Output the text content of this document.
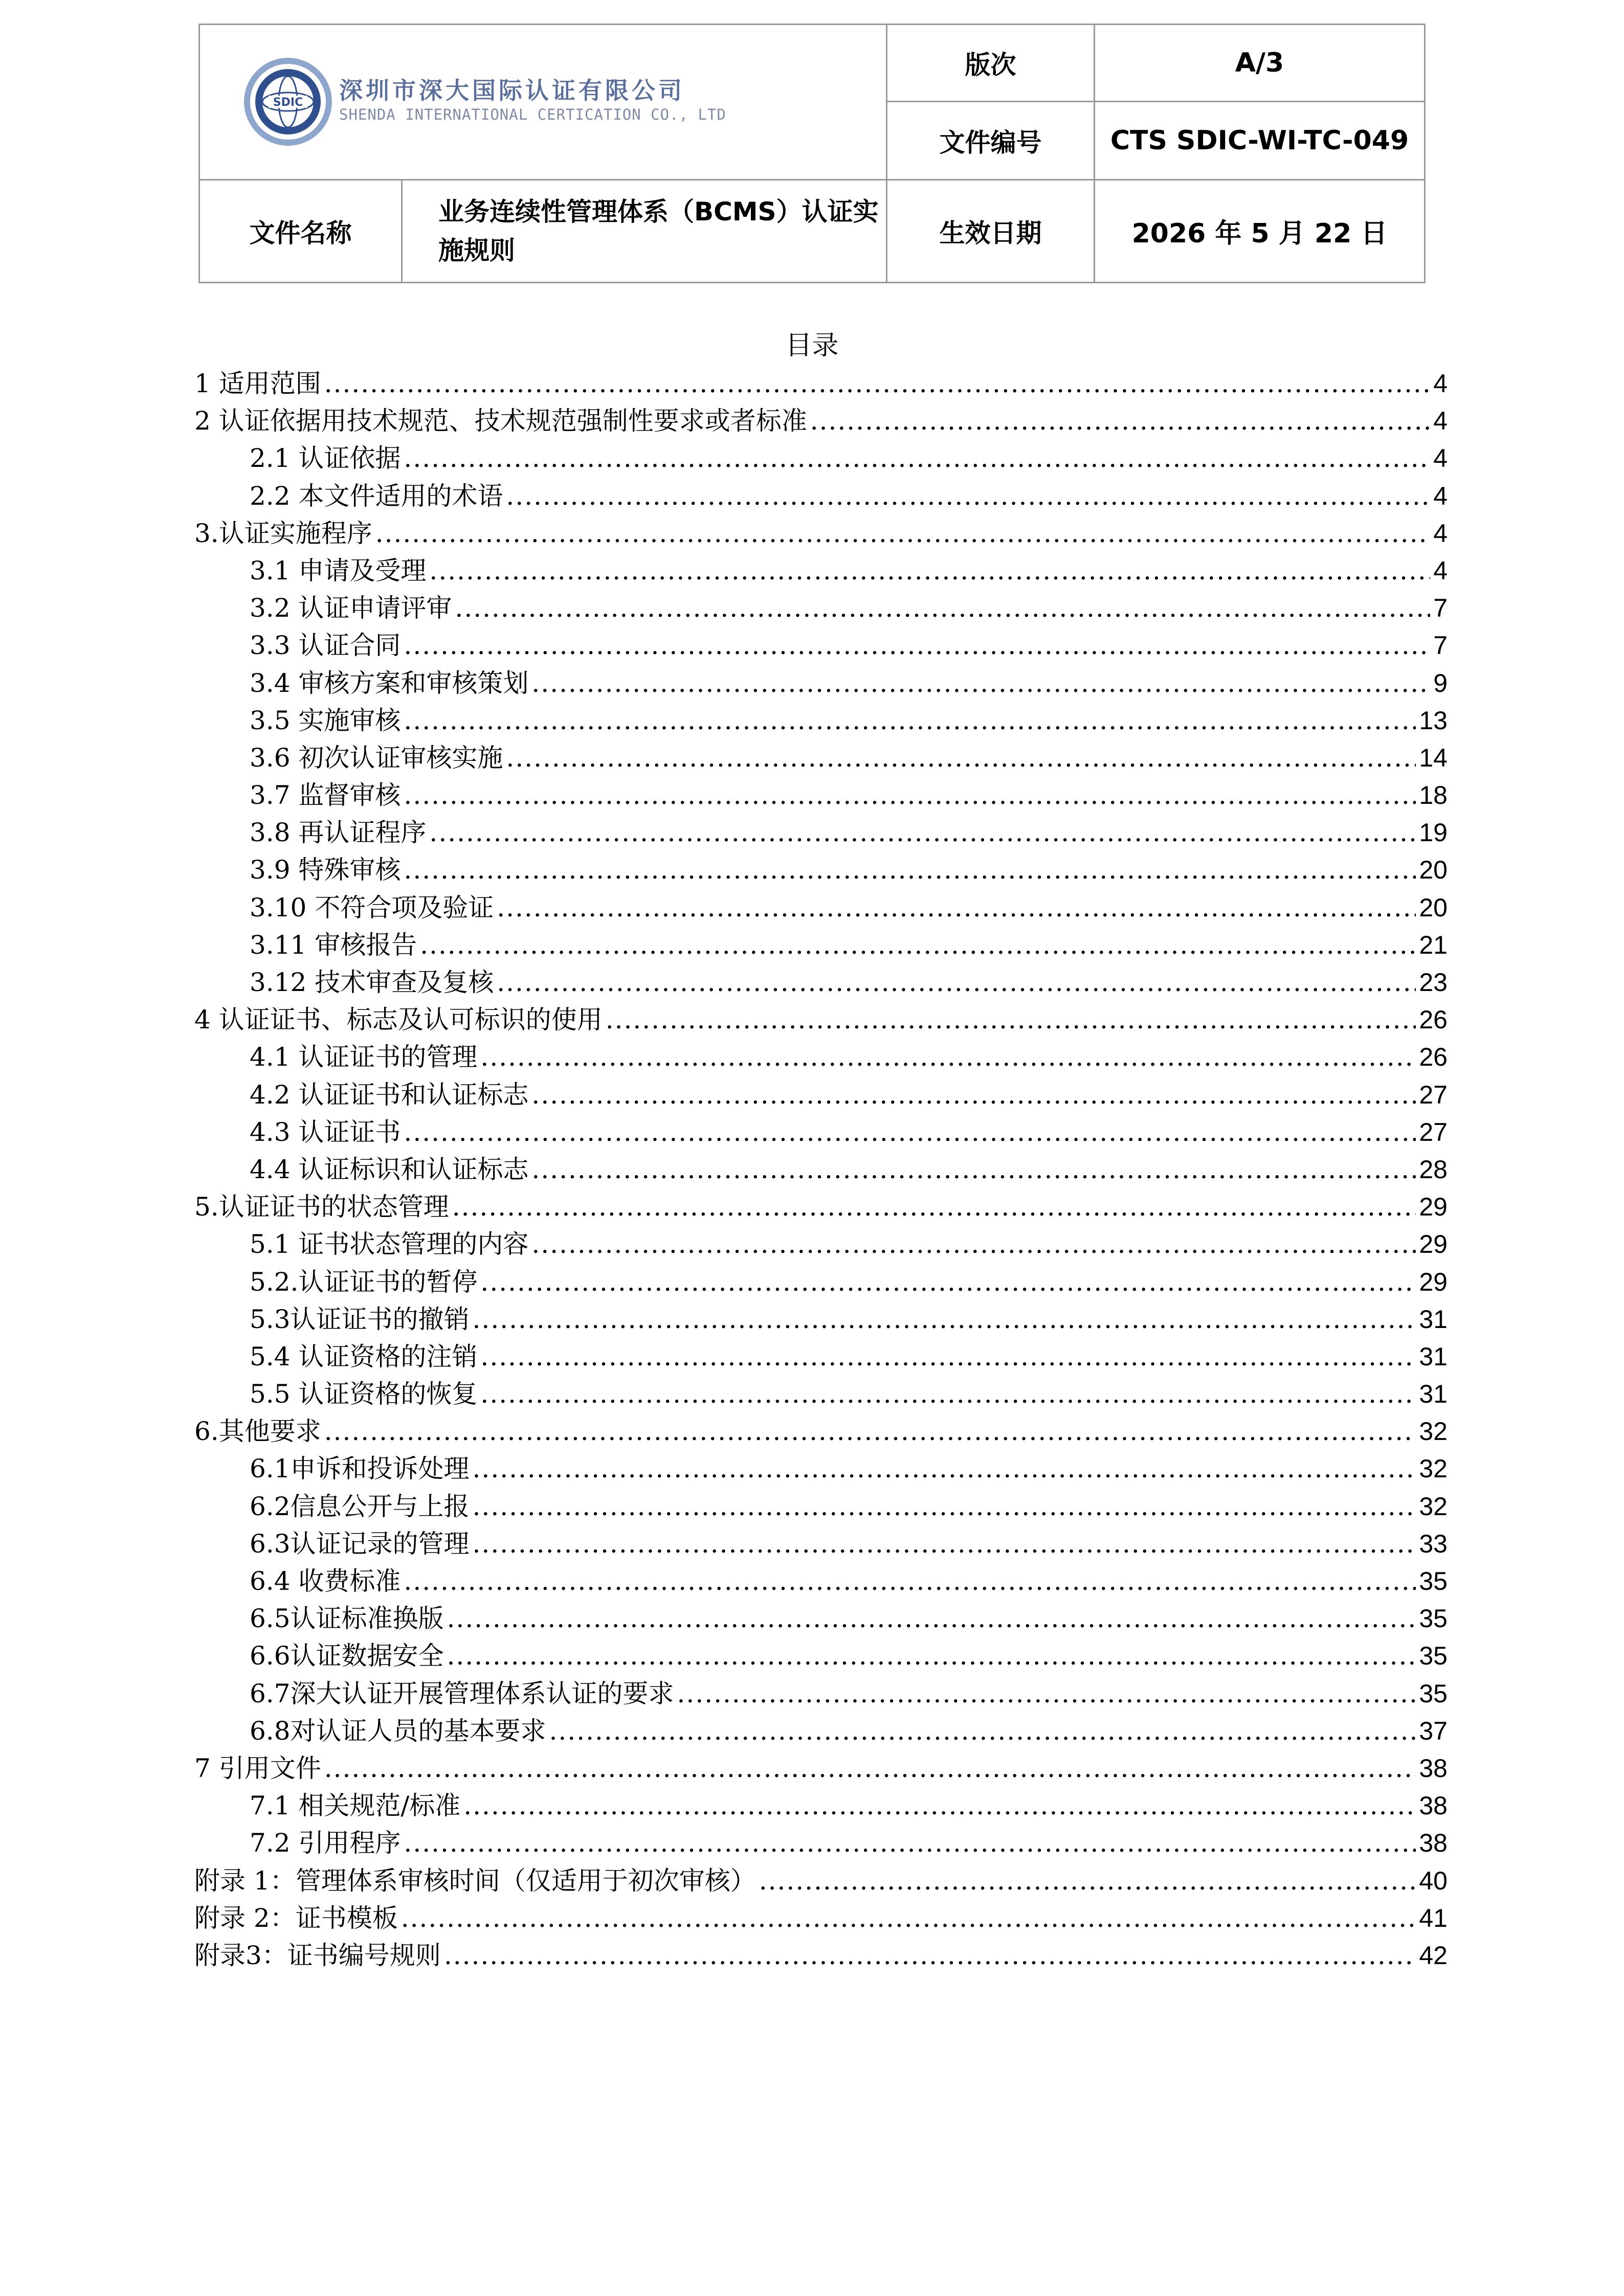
SDIC 深圳市深大国际认证有限公司
SHENDA INTERNATIONAL CERTICATION CO., LTD		版次	A/3
		文件编号	CTS SDIC-WI-TC-049
文件名称	业务连续性管理体系（BCMS）认证实施规则	生效日期	2026 年 5 月 22 日
目录
1 适用范围 .....	4
2 认证依据用技术规范、技术规范强制性要求或者标准 .....	4
2.1 认证依据 .....	4
2.2 本文件适用的术语 .....	4
3.认证实施程序 .....	4
3.1 申请及受理 .....	4
3.2 认证申请评审 .....	7
3.3 认证合同 .....	7
3.4 审核方案和审核策划 .....	9
3.5 实施审核 .....	13
3.6 初次认证审核实施 .....	14
3.7 监督审核 .....	18
3.8 再认证程序 .....	19
3.9 特殊审核 .....	20
3.10 不符合项及验证 .....	20
3.11 审核报告 .....	21
3.12 技术审查及复核 .....	23
4 认证证书、标志及认可标识的使用 .....	26
4.1 认证证书的管理 .....	26
4.2 认证证书和认证标志 .....	27
4.3 认证证书 .....	27
4.4 认证标识和认证标志 .....	28
5.认证证书的状态管理 .....	29
5.1 证书状态管理的内容 .....	29
5.2.认证证书的暂停 .....	29
5.3认证证书的撤销 .....	31
5.4 认证资格的注销 .....	31
5.5 认证资格的恢复 .....	31
6.其他要求 .....	32
6.1申诉和投诉处理 .....	32
6.2信息公开与上报 .....	32
6.3认证记录的管理 .....	33
6.4 收费标准 .....	35
6.5认证标准换版 .....	35
6.6认证数据安全 .....	35
6.7深大认证开展管理体系认证的要求 .....	35
6.8对认证人员的基本要求 .....	37
7 引用文件 .....	38
7.1 相关规范/标准 .....	38
7.2 引用程序 .....	38
附录 1：管理体系审核时间（仅适用于初次审核） .....	40
附录 2：证书模板 .....	41
附录3：证书编号规则 .....	42
